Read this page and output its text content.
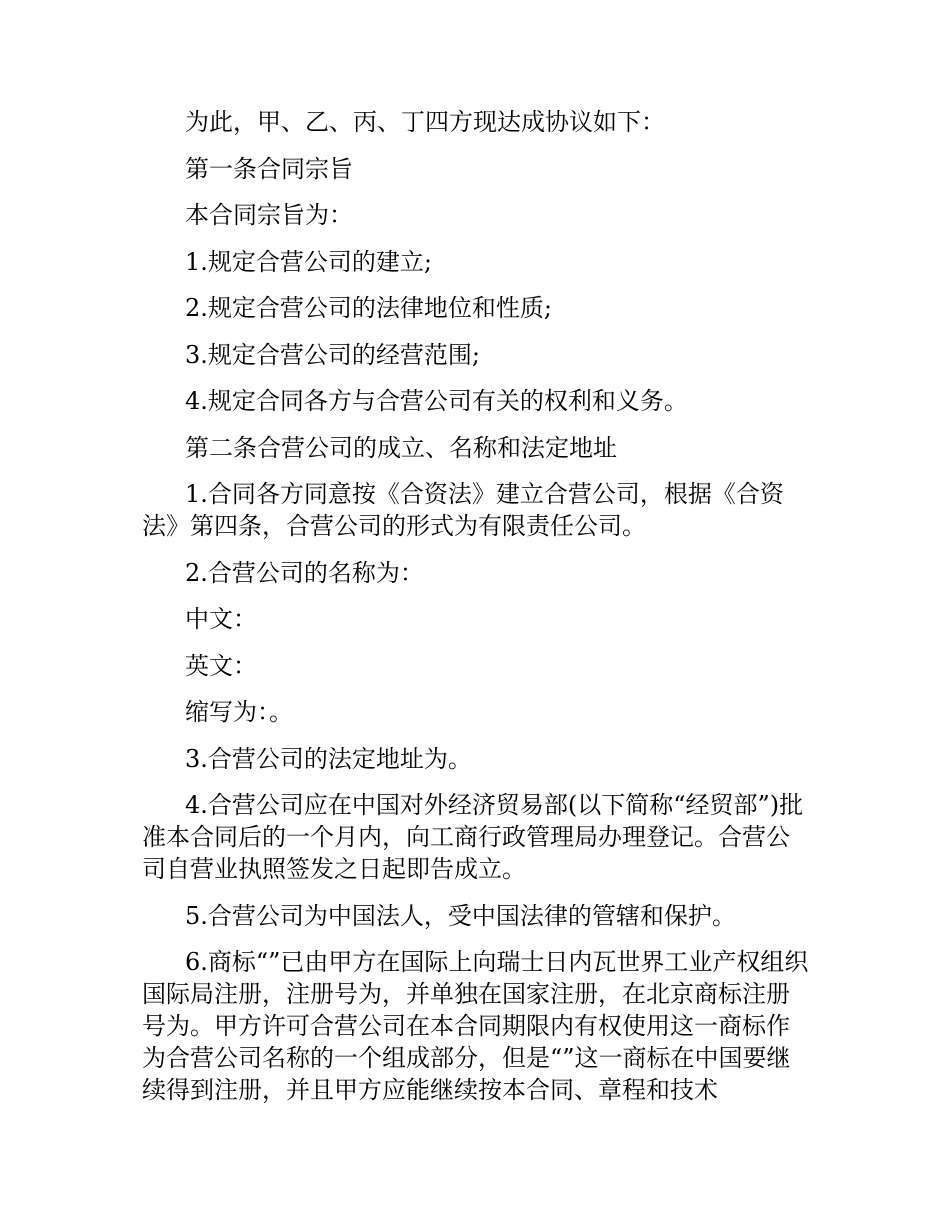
为此，甲、乙、丙、丁四方现达成协议如下：

第一条合同宗旨

本合同宗旨为：

1.规定合营公司的建立;

2.规定合营公司的法律地位和性质;

3.规定合营公司的经营范围;

4.规定合同各方与合营公司有关的权利和义务。

第二条合营公司的成立、名称和法定地址

1.合同各方同意按《合资法》建立合营公司，根据《合资法》第四条，合营公司的形式为有限责任公司。

2.合营公司的名称为：

中文：

英文：

缩写为：。

3.合营公司的法定地址为。

4.合营公司应在中国对外经济贸易部(以下简称“经贸部”)批准本合同后的一个月内，向工商行政管理局办理登记。合营公司自营业执照签发之日起即告成立。

5.合营公司为中国法人，受中国法律的管辖和保护。

6.商标“”已由甲方在国际上向瑞士日内瓦世界工业产权组织国际局注册，注册号为，并单独在国家注册，在北京商标注册号为。甲方许可合营公司在本合同期限内有权使用这一商标作为合营公司名称的一个组成部分，但是“”这一商标在中国要继续得到注册，并且甲方应能继续按本合同、章程和技术
